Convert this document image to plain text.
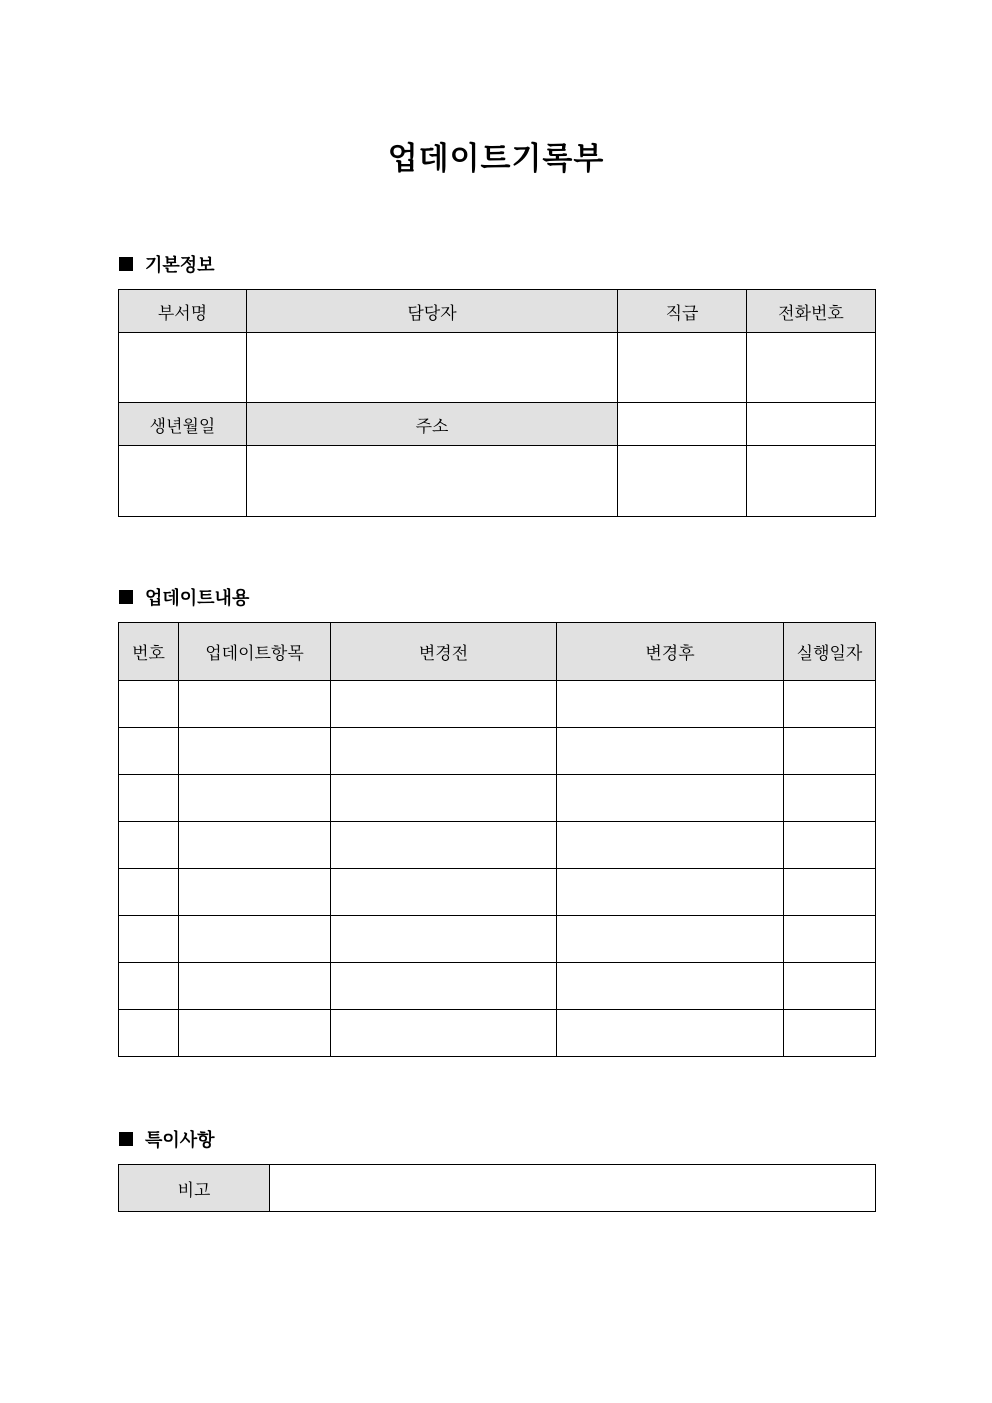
업데이트기록부
기본정보
부서명	담당자	직급	전화번호

생년월일	주소		

업데이트내용
번호	업데이트항목	변경전	변경후	실행일자

특이사항
비고	
